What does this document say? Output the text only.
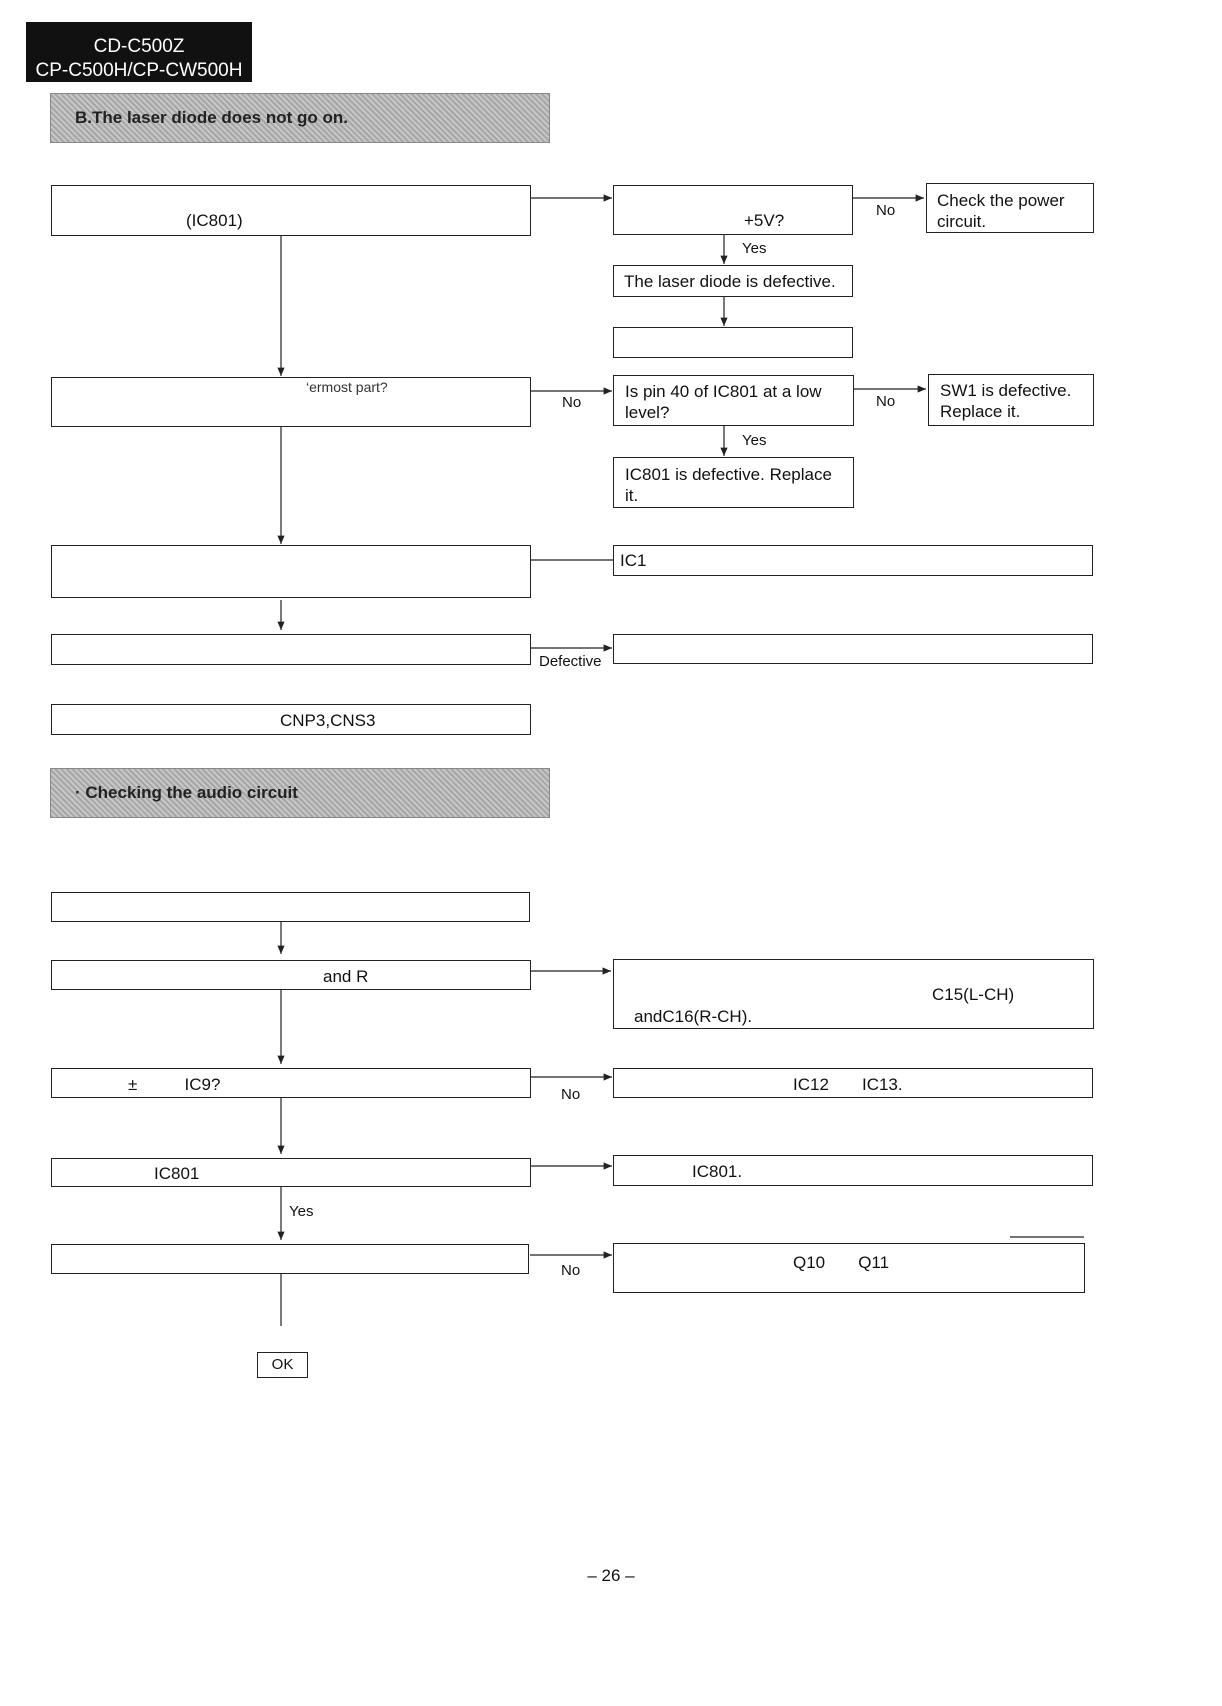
CD-C500Z
CP-C500H/CP-CW500H
B.The laser diode does not go on.
· Checking the audio circuit
(IC801)	+5V?
Check the power
circuit.
The laser diode is defective.
‘ermost part?	Is pin 40 of IC801 at a low
level?
SW1 is defective.
Replace it.
IC801 is defective. Replace
it.
IC1
CNP3,CNS3
No
Yes
No	No
Yes
Defective
and R
C15(L-CH)
andC16(R-CH).
±          IC9?	IC12       IC13.
IC801	IC801.
Q10       Q11
OK
No
Yes
No
– 26 –
